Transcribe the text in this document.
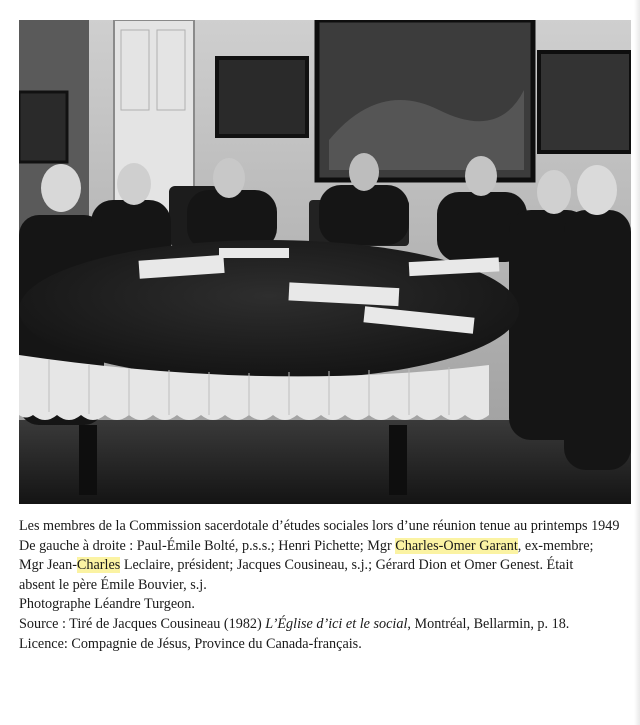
Les membres de la Commission sacerdotale d’études sociales lors d’une réunion tenue au printemps 1949
De gauche à droite : Paul-Émile Bolté, p.s.s.; Henri Pichette; Mgr Charles-Omer Garant, ex-membre;
Mgr Jean-Charles Leclaire, président; Jacques Cousineau, s.j.; Gérard Dion et Omer Genest. Était
absent le père Émile Bouvier, s.j.
Photographe Léandre Turgeon.
Source : Tiré de Jacques Cousineau (1982) L’Église d’ici et le social, Montréal, Bellarmin, p. 18.
Licence: Compagnie de Jésus, Province du Canada-français.
